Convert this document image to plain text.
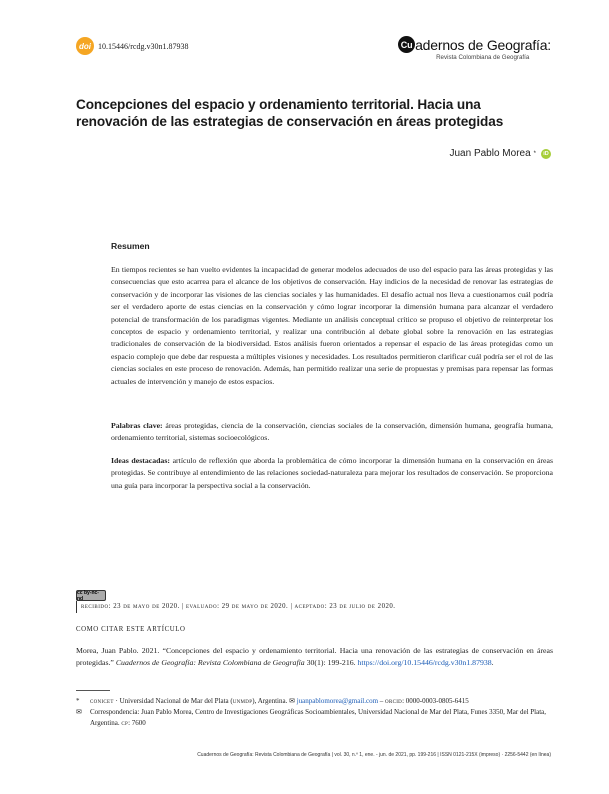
doi 10.15446/rcdg.v30n1.87938	Cu adernos de Geografía:
Revista Colombiana de Geografía
Concepciones del espacio y ordenamiento territorial. Hacia una renovación de las estrategias de conservación en áreas protegidas
Juan Pablo Morea *	iD
Resumen

En tiempos recientes se han vuelto evidentes la incapacidad de generar modelos adecuados de uso del espacio para las áreas protegidas y las consecuencias que esto acarrea para el alcance de los objetivos de conservación. Hay indicios de la necesidad de renovar las estrategias de conservación y de incorporar las visiones de las ciencias sociales y las humanidades. El desafío actual nos lleva a cuestionarnos cuál podría ser el verdadero aporte de estas ciencias en la conservación y cómo lograr incorporar la dimensión humana para alcanzar el verdadero potencial de transformación de los paradigmas vigentes. Mediante un análisis conceptual crítico se propuso el objetivo de reinterpretar los conceptos de espacio y ordenamiento territorial, y realizar una contribución al debate global sobre la renovación en las estrategias tradicionales de conservación de la biodiversidad. Estos análisis fueron orientados a repensar el espacio de las áreas protegidas como un espacio complejo que debe dar respuesta a múltiples visiones y necesidades. Los resultados permitieron clarificar cuál podría ser el rol de las ciencias sociales en este proceso de renovación. Además, han permitido realizar una serie de propuestas y premisas para repensar las formas actuales de intervención y manejo de estos espacios.

Palabras clave: áreas protegidas, ciencia de la conservación, ciencias sociales de la conservación, dimensión humana, geografía humana, ordenamiento territorial, sistemas socioecológicos.

Ideas destacadas: artículo de reflexión que aborda la problemática de cómo incorporar la dimensión humana en la conservación en áreas protegidas. Se contribuye al entendimiento de las relaciones sociedad-naturaleza para mejorar los resultados de conservación. Se proporciona una guía para incorporar la perspectiva social a la conservación.

cc by-nc-nd
recibido: 23 de mayo de 2020. | evaluado: 29 de mayo de 2020. | aceptado: 23 de julio de 2020.
COMO CITAR ESTE ARTÍCULO

Morea, Juan Pablo. 2021. “Concepciones del espacio y ordenamiento territorial. Hacia una renovación de las estrategias de conservación en áreas protegidas.” Cuadernos de Geografía: Revista Colombiana de Geografía 30(1): 199-216. https://doi.org/10.15446/rcdg.v30n1.87938.

*	conicet · Universidad Nacional de Mar del Plata (unmdp), Argentina. ✉ juanpablomorea@gmail.com – orcid: 0000-0003-0805-6415
✉	Correspondencia: Juan Pablo Morea, Centro de Investigaciones Geográficas Socioambientales, Universidad Nacional de Mar del Plata, Funes 3350, Mar del Plata, Argentina. cp: 7600
Cuadernos de Geografía: Revista Colombiana de Geografía | vol. 30, n.º 1, ene. - jun. de 2021, pp. 199-216 | ISSN 0121-215X (impreso) · 2256-5442 (en línea)
